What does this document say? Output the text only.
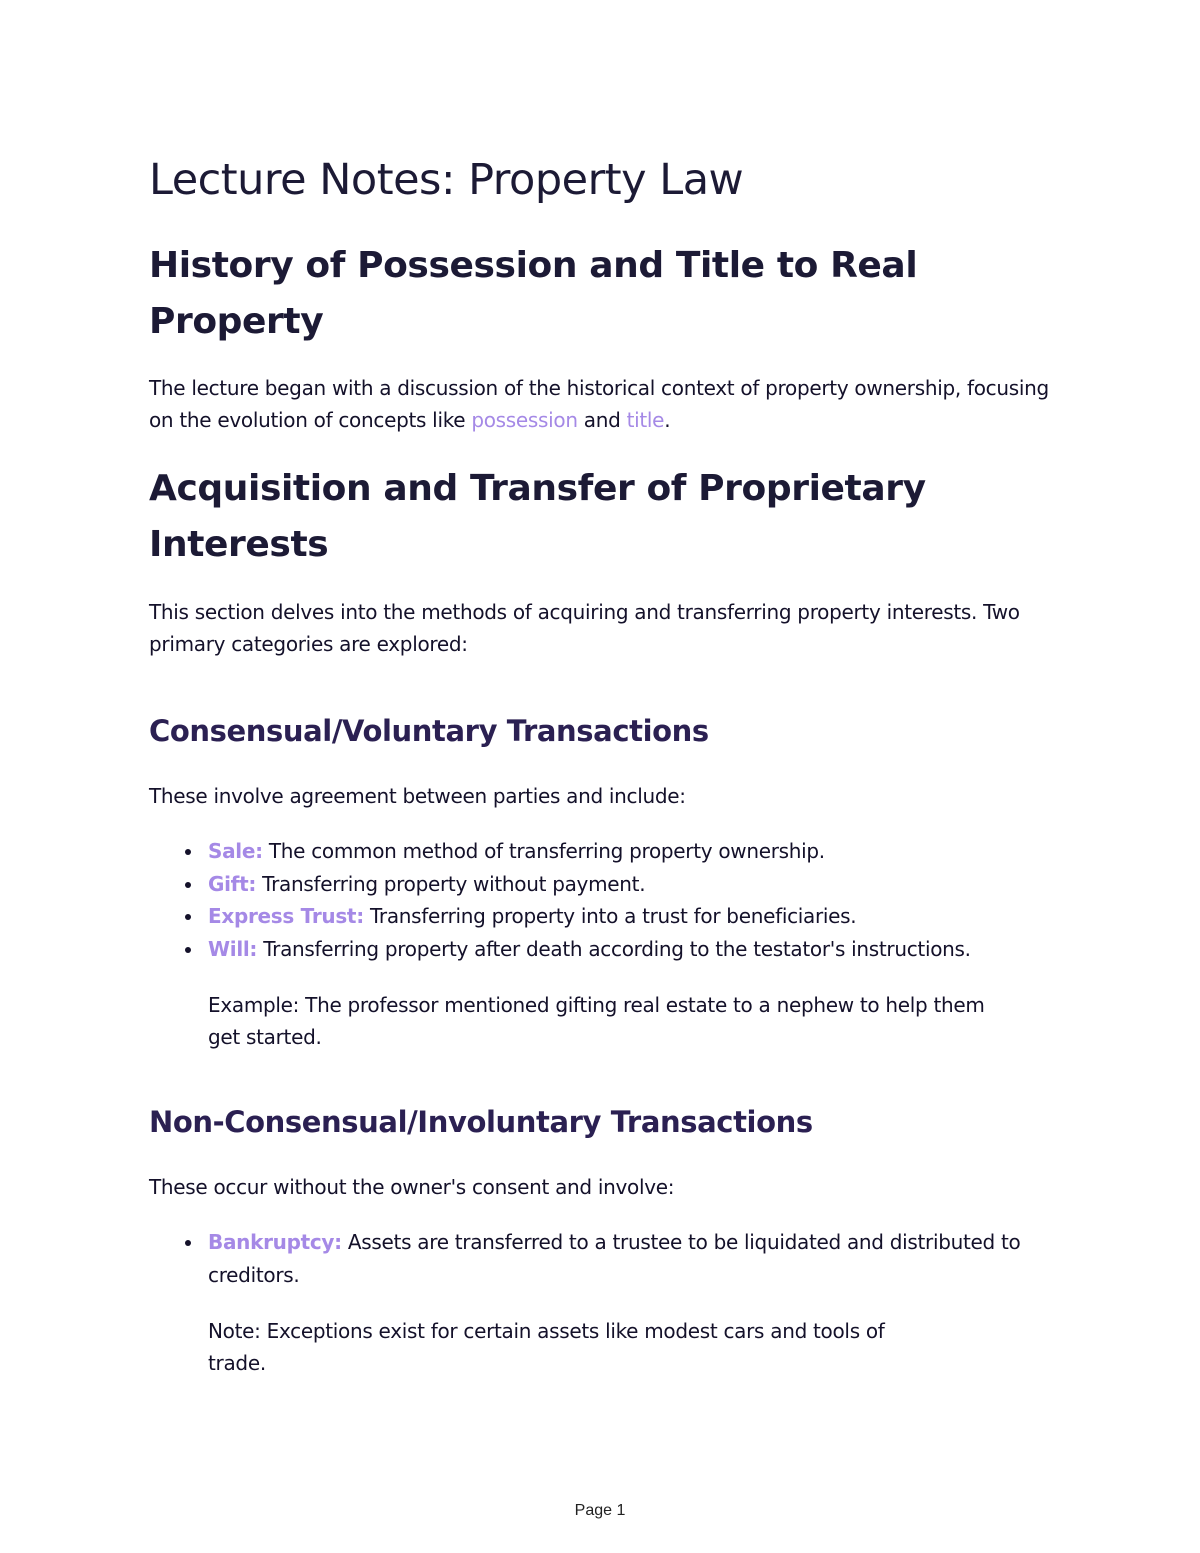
Lecture Notes: Property Law
History of Possession and Title to Real Property

The lecture began with a discussion of the historical context of property ownership, focusing on the evolution of concepts like possession and title.

Acquisition and Transfer of Proprietary Interests

This section delves into the methods of acquiring and transferring property interests. Two primary categories are explored:

Consensual/Voluntary Transactions

These involve agreement between parties and include:

Sale: The common method of transferring property ownership.
Gift: Transferring property without payment.
Express Trust: Transferring property into a trust for beneficiaries.
Will: Transferring property after death according to the testator's instructions.

Example: The professor mentioned gifting real estate to a nephew to help them get started.

Non-Consensual/Involuntary Transactions

These occur without the owner's consent and involve:

Bankruptcy: Assets are transferred to a trustee to be liquidated and distributed to creditors.

Note: Exceptions exist for certain assets like modest cars and tools of trade.

Page 1
